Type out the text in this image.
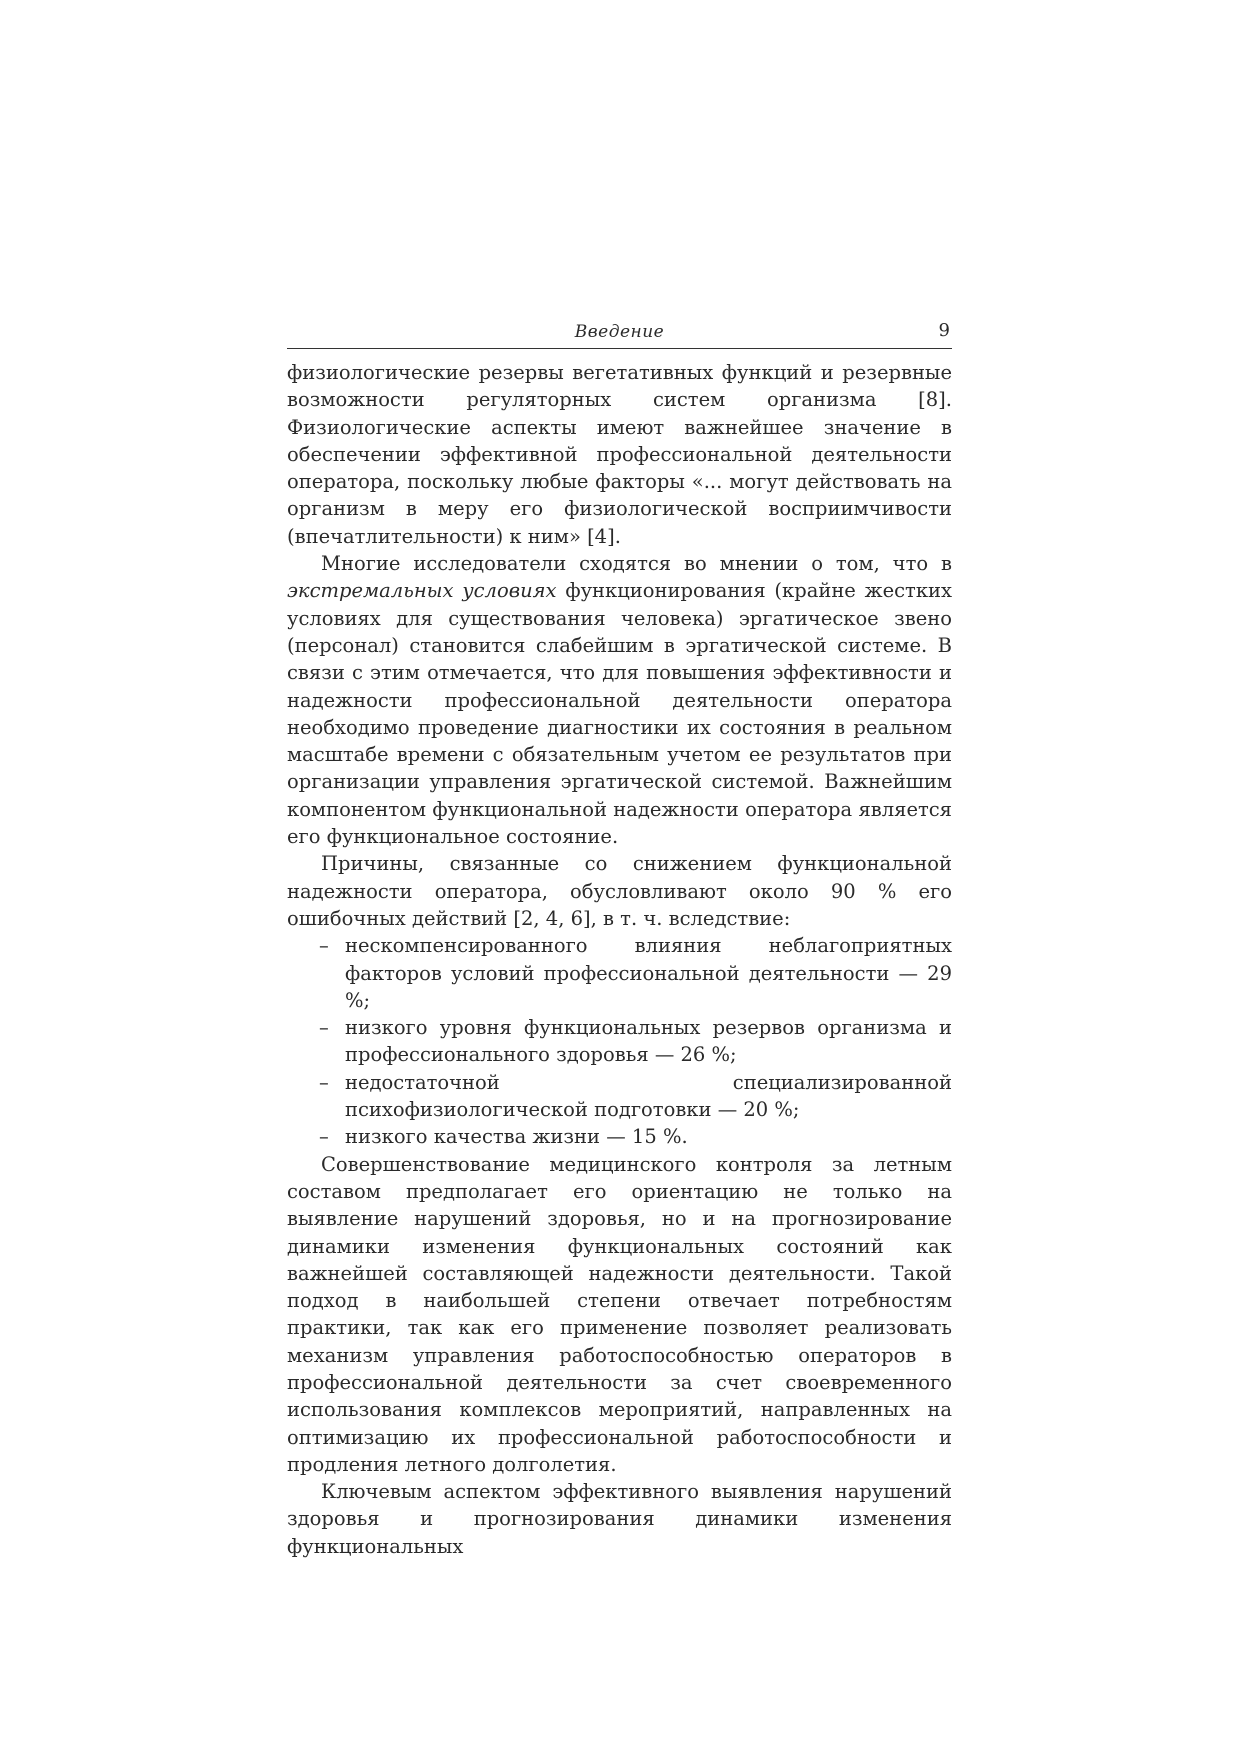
Введение	9

физиологические резервы вегетативных функций и резервные возможности регуляторных систем организма [8]. Физиологические аспекты имеют важнейшее значение в обеспечении эффективной профессиональной деятельности оператора, поскольку любые факторы «... могут действовать на организм в меру его физиологической восприимчивости (впечатлительности) к ним» [4].

Многие исследователи сходятся во мнении о том, что в экстремальных условиях функционирования (крайне жестких условиях для существования человека) эргатическое звено (персонал) становится слабейшим в эргатической системе. В связи с этим отмечается, что для повышения эффективности и надежности профессиональной деятельности оператора необходимо проведение диагностики их состояния в реальном масштабе времени с обязательным учетом ее результатов при организации управления эргатической системой. Важнейшим компонентом функциональной надежности оператора является его функциональное состояние.

Причины, связанные со снижением функциональной надежности оператора, обусловливают около 90 % его ошибочных действий [2, 4, 6], в т. ч. вследствие:

– нескомпенсированного влияния неблагоприятных факторов условий профессиональной деятельности — 29 %;
– низкого уровня функциональных резервов организма и профессионального здоровья — 26 %;
– недостаточной специализированной психофизиологической подготовки — 20 %;
– низкого качества жизни — 15 %.

Совершенствование медицинского контроля за летным составом предполагает его ориентацию не только на выявление нарушений здоровья, но и на прогнозирование динамики изменения функциональных состояний как важнейшей составляющей надежности деятельности. Такой подход в наибольшей степени отвечает потребностям практики, так как его применение позволяет реализовать механизм управления работоспособностью операторов в профессиональной деятельности за счет своевременного использования комплексов мероприятий, направленных на оптимизацию их профессиональной работоспособности и продления летного долголетия.

Ключевым аспектом эффективного выявления нарушений здоровья и прогнозирования динамики изменения функциональных
